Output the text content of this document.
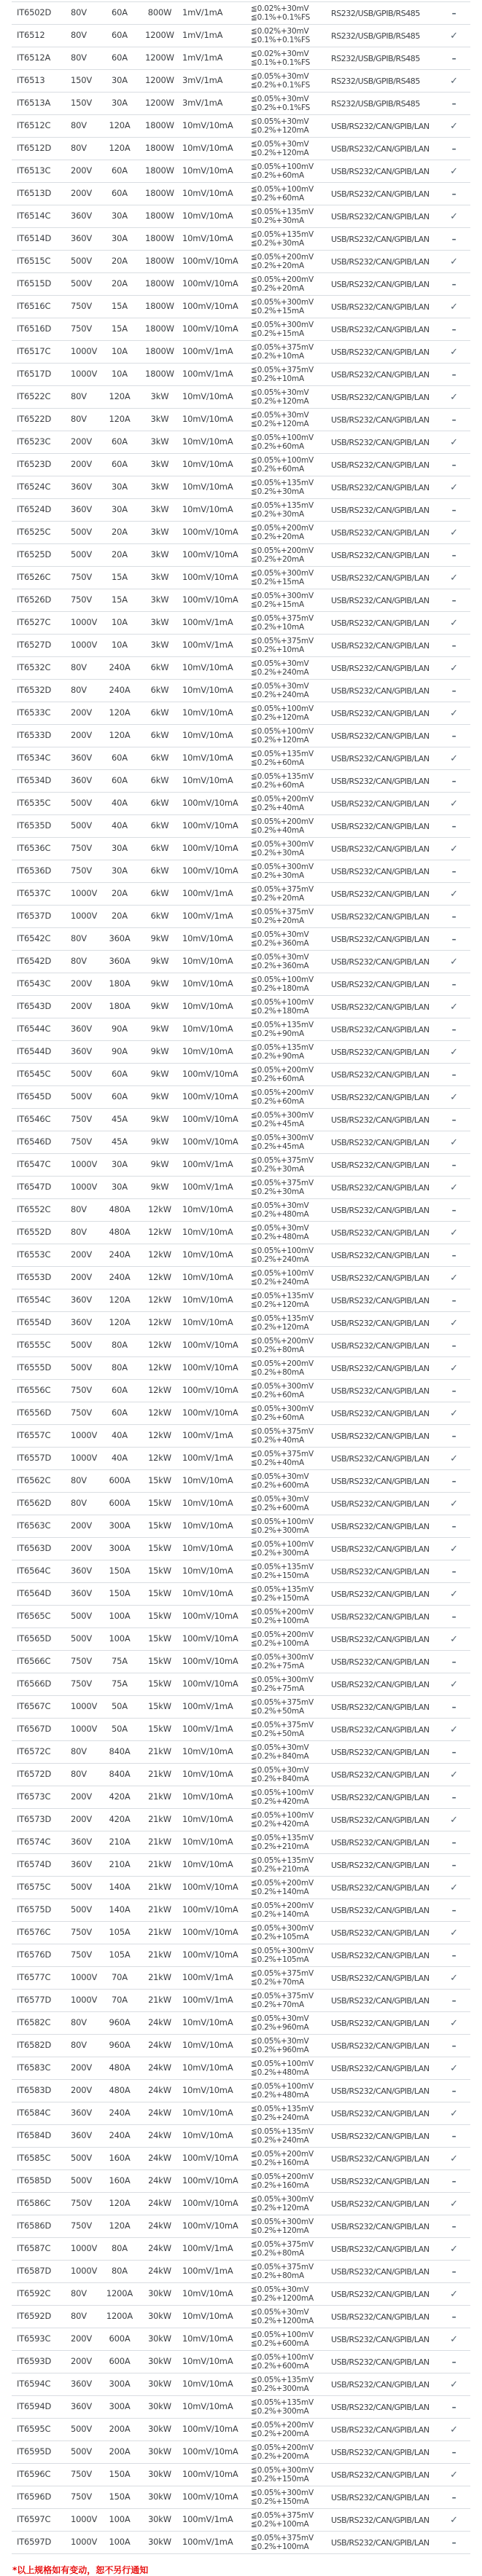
IT6502D	80V	60A	800W	1mV/1mA	≦0.02%+30mV
≦0.1%+0.1%FS	RS232/USB/GPIB/RS485	–
IT6512	80V	60A	1200W 1mV/1mA	≦0.02%+30mV
≦0.1%+0.1%FS	RS232/USB/GPIB/RS485	✓
IT6512A	80V	60A	1200W 1mV/1mA	≦0.02%+30mV
≦0.1%+0.1%FS	RS232/USB/GPIB/RS485	–
IT6513	150V	30A	1200W 3mV/1mA	≦0.05%+30mV
≦0.2%+0.1%FS	RS232/USB/GPIB/RS485	✓
IT6513A	150V	30A	1200W 3mV/1mA	≦0.05%+30mV
≦0.2%+0.1%FS	RS232/USB/GPIB/RS485	–
IT6512C	80V	120A	1800W 10mV/10mA	≦0.05%+30mV
≦0.2%+120mA	USB/RS232/CAN/GPIB/LAN	✓
IT6512D	80V	120A	1800W 10mV/10mA	≦0.05%+30mV
≦0.2%+120mA	USB/RS232/CAN/GPIB/LAN	–
IT6513C	200V	60A	1800W 10mV/10mA	≦0.05%+100mV
≦0.2%+60mA	USB/RS232/CAN/GPIB/LAN	✓
IT6513D	200V	60A	1800W 10mV/10mA	≦0.05%+100mV
≦0.2%+60mA	USB/RS232/CAN/GPIB/LAN	–
IT6514C	360V	30A	1800W 10mV/10mA	≦0.05%+135mV
≦0.2%+30mA	USB/RS232/CAN/GPIB/LAN	✓
IT6514D	360V	30A	1800W 10mV/10mA	≦0.05%+135mV
≦0.2%+30mA	USB/RS232/CAN/GPIB/LAN	–
IT6515C	500V	20A	1800W 100mV/10mA	≦0.05%+200mV
≦0.2%+20mA	USB/RS232/CAN/GPIB/LAN	✓
IT6515D	500V	20A	1800W 100mV/10mA	≦0.05%+200mV
≦0.2%+20mA	USB/RS232/CAN/GPIB/LAN	–
IT6516C	750V	15A	1800W 100mV/10mA	≦0.05%+300mV
≦0.2%+15mA	USB/RS232/CAN/GPIB/LAN	✓
IT6516D	750V	15A	1800W 100mV/10mA	≦0.05%+300mV
≦0.2%+15mA	USB/RS232/CAN/GPIB/LAN	–
IT6517C	1000V	10A	1800W 100mV/1mA	≦0.05%+375mV
≦0.2%+10mA	USB/RS232/CAN/GPIB/LAN	✓
IT6517D	1000V	10A	1800W 100mV/1mA	≦0.05%+375mV
≦0.2%+10mA	USB/RS232/CAN/GPIB/LAN	–
IT6522C	80V	120A	3kW	10mV/10mA	≦0.05%+30mV
≦0.2%+120mA	USB/RS232/CAN/GPIB/LAN	✓
IT6522D	80V	120A	3kW	10mV/10mA	≦0.05%+30mV
≦0.2%+120mA	USB/RS232/CAN/GPIB/LAN	–
IT6523C	200V	60A	3kW	10mV/10mA	≦0.05%+100mV
≦0.2%+60mA	USB/RS232/CAN/GPIB/LAN	✓
IT6523D	200V	60A	3kW	10mV/10mA	≦0.05%+100mV
≦0.2%+60mA	USB/RS232/CAN/GPIB/LAN	–
IT6524C	360V	30A	3kW	10mV/10mA	≦0.05%+135mV
≦0.2%+30mA	USB/RS232/CAN/GPIB/LAN	✓
IT6524D	360V	30A	3kW	10mV/10mA	≦0.05%+135mV
≦0.2%+30mA	USB/RS232/CAN/GPIB/LAN	–
IT6525C	500V	20A	3kW	100mV/10mA	≦0.05%+200mV
≦0.2%+20mA	USB/RS232/CAN/GPIB/LAN	✓
IT6525D	500V	20A	3kW	100mV/10mA	≦0.05%+200mV
≦0.2%+20mA	USB/RS232/CAN/GPIB/LAN	–
IT6526C	750V	15A	3kW	100mV/10mA	≦0.05%+300mV
≦0.2%+15mA	USB/RS232/CAN/GPIB/LAN	✓
IT6526D	750V	15A	3kW	100mV/10mA	≦0.05%+300mV
≦0.2%+15mA	USB/RS232/CAN/GPIB/LAN	–
IT6527C	1000V	10A	3kW	100mV/1mA	≦0.05%+375mV
≦0.2%+10mA	USB/RS232/CAN/GPIB/LAN	✓
IT6527D	1000V	10A	3kW	100mV/1mA	≦0.05%+375mV
≦0.2%+10mA	USB/RS232/CAN/GPIB/LAN	–
IT6532C	80V	240A	6kW	10mV/10mA	≦0.05%+30mV
≦0.2%+240mA	USB/RS232/CAN/GPIB/LAN	✓
IT6532D	80V	240A	6kW	10mV/10mA	≦0.05%+30mV
≦0.2%+240mA	USB/RS232/CAN/GPIB/LAN	–
IT6533C	200V	120A	6kW	10mV/10mA	≦0.05%+100mV
≦0.2%+120mA	USB/RS232/CAN/GPIB/LAN	✓
IT6533D	200V	120A	6kW	10mV/10mA	≦0.05%+100mV
≦0.2%+120mA	USB/RS232/CAN/GPIB/LAN	–
IT6534C	360V	60A	6kW	10mV/10mA	≦0.05%+135mV
≦0.2%+60mA	USB/RS232/CAN/GPIB/LAN	✓
IT6534D	360V	60A	6kW	10mV/10mA	≦0.05%+135mV
≦0.2%+60mA	USB/RS232/CAN/GPIB/LAN	–
IT6535C	500V	40A	6kW	100mV/10mA	≦0.05%+200mV
≦0.2%+40mA	USB/RS232/CAN/GPIB/LAN	✓
IT6535D	500V	40A	6kW	100mV/10mA	≦0.05%+200mV
≦0.2%+40mA	USB/RS232/CAN/GPIB/LAN	–
IT6536C	750V	30A	6kW	100mV/10mA	≦0.05%+300mV
≦0.2%+30mA	USB/RS232/CAN/GPIB/LAN	✓
IT6536D	750V	30A	6kW	100mV/10mA	≦0.05%+300mV
≦0.2%+30mA	USB/RS232/CAN/GPIB/LAN	–
IT6537C	1000V	20A	6kW	100mV/1mA	≦0.05%+375mV
≦0.2%+20mA	USB/RS232/CAN/GPIB/LAN	✓
IT6537D	1000V	20A	6kW	100mV/1mA	≦0.05%+375mV
≦0.2%+20mA	USB/RS232/CAN/GPIB/LAN	–
IT6542C	80V	360A	9kW	10mV/10mA	≦0.05%+30mV
≦0.2%+360mA	USB/RS232/CAN/GPIB/LAN	–
IT6542D	80V	360A	9kW	10mV/10mA	≦0.05%+30mV
≦0.2%+360mA	USB/RS232/CAN/GPIB/LAN	✓
IT6543C	200V	180A	9kW	10mV/10mA	≦0.05%+100mV
≦0.2%+180mA	USB/RS232/CAN/GPIB/LAN	–
IT6543D	200V	180A	9kW	10mV/10mA	≦0.05%+100mV
≦0.2%+180mA	USB/RS232/CAN/GPIB/LAN	✓
IT6544C	360V	90A	9kW	10mV/10mA	≦0.05%+135mV
≦0.2%+90mA	USB/RS232/CAN/GPIB/LAN	–
IT6544D	360V	90A	9kW	10mV/10mA	≦0.05%+135mV
≦0.2%+90mA	USB/RS232/CAN/GPIB/LAN	✓
IT6545C	500V	60A	9kW	100mV/10mA	≦0.05%+200mV
≦0.2%+60mA	USB/RS232/CAN/GPIB/LAN	–
IT6545D	500V	60A	9kW	100mV/10mA	≦0.05%+200mV
≦0.2%+60mA	USB/RS232/CAN/GPIB/LAN	✓
IT6546C	750V	45A	9kW	100mV/10mA	≦0.05%+300mV
≦0.2%+45mA	USB/RS232/CAN/GPIB/LAN	–
IT6546D	750V	45A	9kW	100mV/10mA	≦0.05%+300mV
≦0.2%+45mA	USB/RS232/CAN/GPIB/LAN	✓
IT6547C	1000V	30A	9kW	100mV/1mA	≦0.05%+375mV
≦0.2%+30mA	USB/RS232/CAN/GPIB/LAN	–
IT6547D	1000V	30A	9kW	100mV/1mA	≦0.05%+375mV
≦0.2%+30mA	USB/RS232/CAN/GPIB/LAN	✓
IT6552C	80V	480A	12kW	10mV/10mA	≦0.05%+30mV
≦0.2%+480mA	USB/RS232/CAN/GPIB/LAN	–
IT6552D	80V	480A	12kW	10mV/10mA	≦0.05%+30mV
≦0.2%+480mA	USB/RS232/CAN/GPIB/LAN	✓
IT6553C	200V	240A	12kW	10mV/10mA	≦0.05%+100mV
≦0.2%+240mA	USB/RS232/CAN/GPIB/LAN	–
IT6553D	200V	240A	12kW	10mV/10mA	≦0.05%+100mV
≦0.2%+240mA	USB/RS232/CAN/GPIB/LAN	✓
IT6554C	360V	120A	12kW	10mV/10mA	≦0.05%+135mV
≦0.2%+120mA	USB/RS232/CAN/GPIB/LAN	–
IT6554D	360V	120A	12kW	10mV/10mA	≦0.05%+135mV
≦0.2%+120mA	USB/RS232/CAN/GPIB/LAN	✓
IT6555C	500V	80A	12kW	100mV/10mA	≦0.05%+200mV
≦0.2%+80mA	USB/RS232/CAN/GPIB/LAN	–
IT6555D	500V	80A	12kW	100mV/10mA	≦0.05%+200mV
≦0.2%+80mA	USB/RS232/CAN/GPIB/LAN	✓
IT6556C	750V	60A	12kW	100mV/10mA	≦0.05%+300mV
≦0.2%+60mA	USB/RS232/CAN/GPIB/LAN	–
IT6556D	750V	60A	12kW	100mV/10mA	≦0.05%+300mV
≦0.2%+60mA	USB/RS232/CAN/GPIB/LAN	✓
IT6557C	1000V	40A	12kW	100mV/1mA	≦0.05%+375mV
≦0.2%+40mA	USB/RS232/CAN/GPIB/LAN	–
IT6557D	1000V	40A	12kW	100mV/1mA	≦0.05%+375mV
≦0.2%+40mA	USB/RS232/CAN/GPIB/LAN	✓
IT6562C	80V	600A	15kW	10mV/10mA	≦0.05%+30mV
≦0.2%+600mA	USB/RS232/CAN/GPIB/LAN	–
IT6562D	80V	600A	15kW	10mV/10mA	≦0.05%+30mV
≦0.2%+600mA	USB/RS232/CAN/GPIB/LAN	✓
IT6563C	200V	300A	15kW	10mV/10mA	≦0.05%+100mV
≦0.2%+300mA	USB/RS232/CAN/GPIB/LAN	–
IT6563D	200V	300A	15kW	10mV/10mA	≦0.05%+100mV
≦0.2%+300mA	USB/RS232/CAN/GPIB/LAN	✓
IT6564C	360V	150A	15kW	10mV/10mA	≦0.05%+135mV
≦0.2%+150mA	USB/RS232/CAN/GPIB/LAN	–
IT6564D	360V	150A	15kW	10mV/10mA	≦0.05%+135mV
≦0.2%+150mA	USB/RS232/CAN/GPIB/LAN	✓
IT6565C	500V	100A	15kW	100mV/10mA	≦0.05%+200mV
≦0.2%+100mA	USB/RS232/CAN/GPIB/LAN	–
IT6565D	500V	100A	15kW	100mV/10mA	≦0.05%+200mV
≦0.2%+100mA	USB/RS232/CAN/GPIB/LAN	✓
IT6566C	750V	75A	15kW	100mV/10mA	≦0.05%+300mV
≦0.2%+75mA	USB/RS232/CAN/GPIB/LAN	–
IT6566D	750V	75A	15kW	100mV/10mA	≦0.05%+300mV
≦0.2%+75mA	USB/RS232/CAN/GPIB/LAN	✓
IT6567C	1000V	50A	15kW	100mV/1mA	≦0.05%+375mV
≦0.2%+50mA	USB/RS232/CAN/GPIB/LAN	–
IT6567D	1000V	50A	15kW	100mV/1mA	≦0.05%+375mV
≦0.2%+50mA	USB/RS232/CAN/GPIB/LAN	✓
IT6572C	80V	840A	21kW	10mV/10mA	≦0.05%+30mV
≦0.2%+840mA	USB/RS232/CAN/GPIB/LAN	–
IT6572D	80V	840A	21kW	10mV/10mA	≦0.05%+30mV
≦0.2%+840mA	USB/RS232/CAN/GPIB/LAN	✓
IT6573C	200V	420A	21kW	10mV/10mA	≦0.05%+100mV
≦0.2%+420mA	USB/RS232/CAN/GPIB/LAN	–
IT6573D	200V	420A	21kW	10mV/10mA	≦0.05%+100mV
≦0.2%+420mA	USB/RS232/CAN/GPIB/LAN	✓
IT6574C	360V	210A	21kW	10mV/10mA	≦0.05%+135mV
≦0.2%+210mA	USB/RS232/CAN/GPIB/LAN	–
IT6574D	360V	210A	21kW	10mV/10mA	≦0.05%+135mV
≦0.2%+210mA	USB/RS232/CAN/GPIB/LAN	–
IT6575C	500V	140A	21kW	100mV/10mA	≦0.05%+200mV
≦0.2%+140mA	USB/RS232/CAN/GPIB/LAN	✓
IT6575D	500V	140A	21kW	100mV/10mA	≦0.05%+200mV
≦0.2%+140mA	USB/RS232/CAN/GPIB/LAN	–
IT6576C	750V	105A	21kW	100mV/10mA	≦0.05%+300mV
≦0.2%+105mA	USB/RS232/CAN/GPIB/LAN	✓
IT6576D	750V	105A	21kW	100mV/10mA	≦0.05%+300mV
≦0.2%+105mA	USB/RS232/CAN/GPIB/LAN	–
IT6577C	1000V	70A	21kW	100mV/1mA	≦0.05%+375mV
≦0.2%+70mA	USB/RS232/CAN/GPIB/LAN	✓
IT6577D	1000V	70A	21kW	100mV/1mA	≦0.05%+375mV
≦0.2%+70mA	USB/RS232/CAN/GPIB/LAN	–
IT6582C	80V	960A	24kW	10mV/10mA	≦0.05%+30mV
≦0.2%+960mA	USB/RS232/CAN/GPIB/LAN	✓
IT6582D	80V	960A	24kW	10mV/10mA	≦0.05%+30mV
≦0.2%+960mA	USB/RS232/CAN/GPIB/LAN	–
IT6583C	200V	480A	24kW	10mV/10mA	≦0.05%+100mV
≦0.2%+480mA	USB/RS232/CAN/GPIB/LAN	✓
IT6583D	200V	480A	24kW	10mV/10mA	≦0.05%+100mV
≦0.2%+480mA	USB/RS232/CAN/GPIB/LAN	–
IT6584C	360V	240A	24kW	10mV/10mA	≦0.05%+135mV
≦0.2%+240mA	USB/RS232/CAN/GPIB/LAN	✓
IT6584D	360V	240A	24kW	10mV/10mA	≦0.05%+135mV
≦0.2%+240mA	USB/RS232/CAN/GPIB/LAN	–
IT6585C	500V	160A	24kW	100mV/10mA	≦0.05%+200mV
≦0.2%+160mA	USB/RS232/CAN/GPIB/LAN	✓
IT6585D	500V	160A	24kW	100mV/10mA	≦0.05%+200mV
≦0.2%+160mA	USB/RS232/CAN/GPIB/LAN	–
IT6586C	750V	120A	24kW	100mV/10mA	≦0.05%+300mV
≦0.2%+120mA	USB/RS232/CAN/GPIB/LAN	✓
IT6586D	750V	120A	24kW	100mV/10mA	≦0.05%+300mV
≦0.2%+120mA	USB/RS232/CAN/GPIB/LAN	–
IT6587C	1000V	80A	24kW	100mV/1mA	≦0.05%+375mV
≦0.2%+80mA	USB/RS232/CAN/GPIB/LAN	✓
IT6587D	1000V	80A	24kW	100mV/1mA	≦0.05%+375mV
≦0.2%+80mA	USB/RS232/CAN/GPIB/LAN	–
IT6592C	80V	1200A	30kW	10mV/10mA	≦0.05%+30mV
≦0.2%+1200mA	USB/RS232/CAN/GPIB/LAN	✓
IT6592D	80V	1200A	30kW	10mV/10mA	≦0.05%+30mV
≦0.2%+1200mA	USB/RS232/CAN/GPIB/LAN	–
IT6593C	200V	600A	30kW	10mV/10mA	≦0.05%+100mV
≦0.2%+600mA	USB/RS232/CAN/GPIB/LAN	✓
IT6593D	200V	600A	30kW	10mV/10mA	≦0.05%+100mV
≦0.2%+600mA	USB/RS232/CAN/GPIB/LAN	–
IT6594C	360V	300A	30kW	10mV/10mA	≦0.05%+135mV
≦0.2%+300mA	USB/RS232/CAN/GPIB/LAN	✓
IT6594D	360V	300A	30kW	10mV/10mA	≦0.05%+135mV
≦0.2%+300mA	USB/RS232/CAN/GPIB/LAN	–
IT6595C	500V	200A	30kW	100mV/10mA	≦0.05%+200mV
≦0.2%+200mA	USB/RS232/CAN/GPIB/LAN	✓
IT6595D	500V	200A	30kW	100mV/10mA	≦0.05%+200mV
≦0.2%+200mA	USB/RS232/CAN/GPIB/LAN	–
IT6596C	750V	150A	30kW	100mV/10mA	≦0.05%+300mV
≦0.2%+150mA	USB/RS232/CAN/GPIB/LAN	✓
IT6596D	750V	150A	30kW	100mV/10mA	≦0.05%+300mV
≦0.2%+150mA	USB/RS232/CAN/GPIB/LAN	–
IT6597C	1000V	100A	30kW	100mV/1mA	≦0.05%+375mV
≦0.2%+100mA	USB/RS232/CAN/GPIB/LAN	✓
IT6597D	1000V	100A	30kW	100mV/1mA	≦0.05%+375mV
≦0.2%+100mA	USB/RS232/CAN/GPIB/LAN	–
*以上规格如有变动，恕不另行通知
